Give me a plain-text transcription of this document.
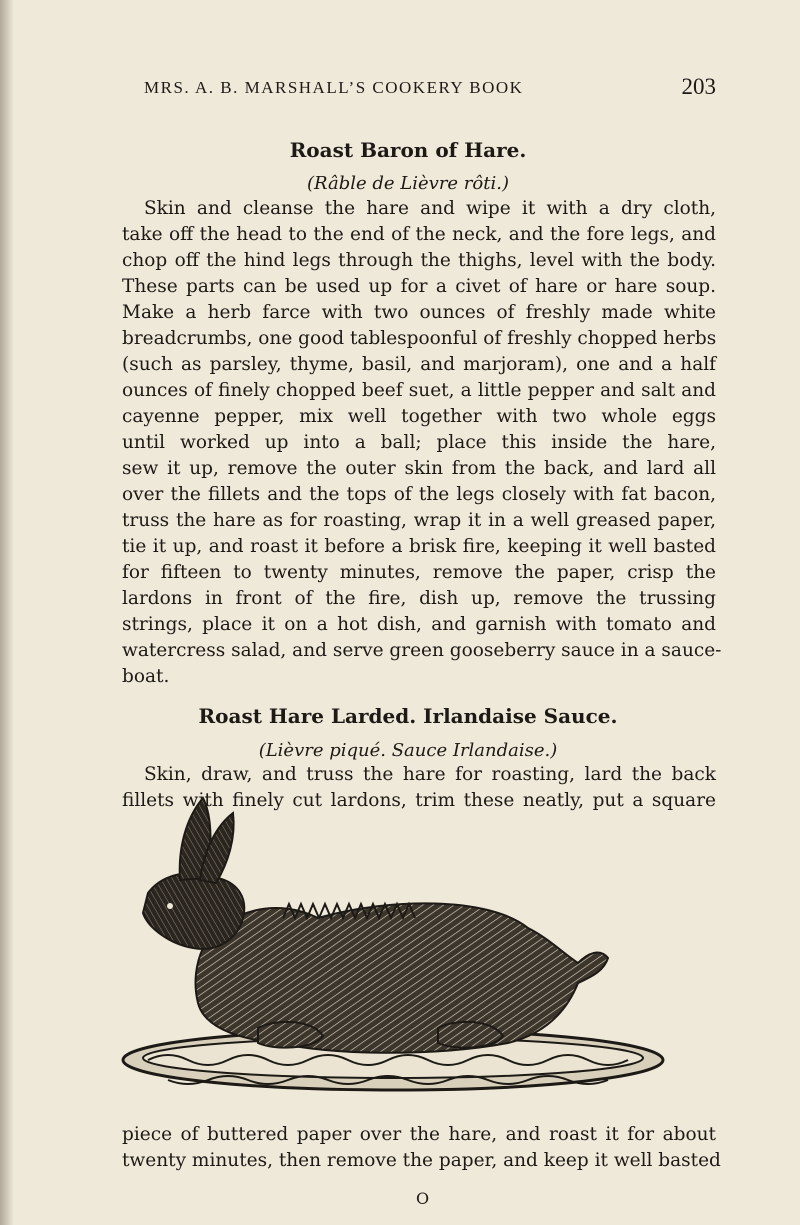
MRS. A. B. MARSHALL’S COOKERY BOOK	203
Roast Baron of Hare.
(Râble de Lièvre rôti.)
Skin and cleanse the hare and wipe it with a dry cloth,
take off the head to the end of the neck, and the fore legs, and
chop off the hind legs through the thighs, level with the body.
These parts can be used up for a civet of hare or hare soup.
Make a herb farce with two ounces of freshly made white
breadcrumbs, one good tablespoonful of freshly chopped herbs
(such as parsley, thyme, basil, and marjoram), one and a half
ounces of finely chopped beef suet, a little pepper and salt and
cayenne pepper, mix well together with two whole eggs
until worked up into a ball; place this inside the hare,
sew it up, remove the outer skin from the back, and lard all
over the fillets and the tops of the legs closely with fat bacon,
truss the hare as for roasting, wrap it in a well greased paper,
tie it up, and roast it before a brisk fire, keeping it well basted
for fifteen to twenty minutes, remove the paper, crisp the
lardons in front of the fire, dish up, remove the trussing
strings, place it on a hot dish, and garnish with tomato and
watercress salad, and serve green gooseberry sauce in a sauce-
boat.
Roast Hare Larded. Irlandaise Sauce.
(Lièvre piqué. Sauce Irlandaise.)
Skin, draw, and truss the hare for roasting, lard the back
fillets with finely cut lardons, trim these neatly, put a square
piece of buttered paper over the hare, and roast it for about
twenty minutes, then remove the paper, and keep it well basted
O
